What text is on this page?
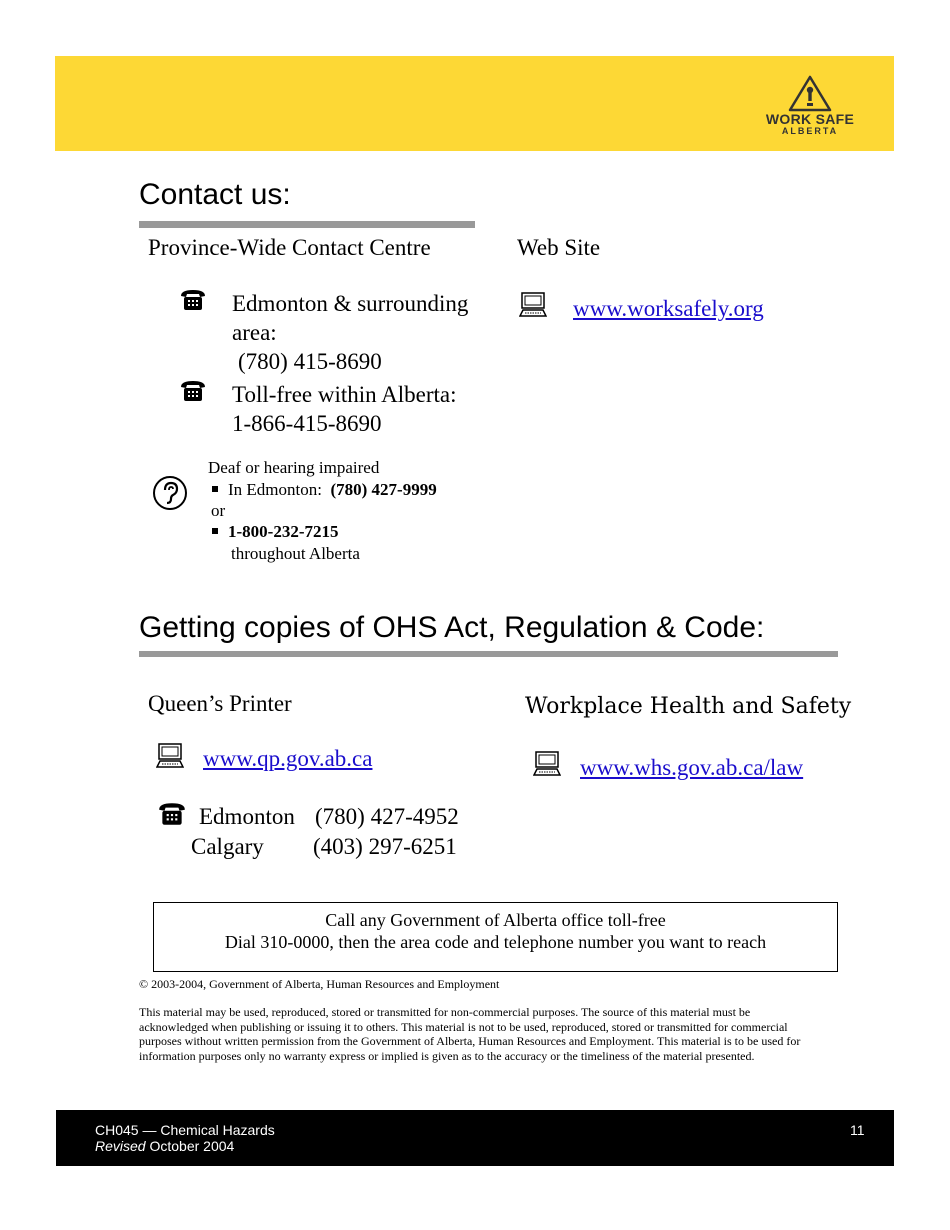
WORK SAFE
ALBERTA
Contact us:
Province-Wide Contact Centre
Edmonton & surrounding
area:
(780) 415-8690
Toll-free within Alberta:
1-866-415-8690
Deaf or hearing impaired
In Edmonton: (780) 427-9999
or
1-800-232-7215
throughout Alberta
Web Site
www.worksafely.org
Getting copies of OHS Act, Regulation & Code:
Queen’s Printer
www.qp.gov.ab.ca
Edmonton (780) 427-4952
Calgary (403) 297-6251
Workplace Health and Safety
www.whs.gov.ab.ca/law
Call any Government of Alberta office toll-free
Dial 310-0000, then the area code and telephone number you want to reach
© 2003-2004, Government of Alberta, Human Resources and Employment
This material may be used, reproduced, stored or transmitted for non-commercial purposes. The source of this material must be acknowledged when publishing or issuing it to others. This material is not to be used, reproduced, stored or transmitted for commercial purposes without written permission from the Government of Alberta, Human Resources and Employment. This material is to be used for information purposes only no warranty express or implied is given as to the accuracy or the timeliness of the material presented.
CH045 — Chemical Hazards
Revised October 2004
11
